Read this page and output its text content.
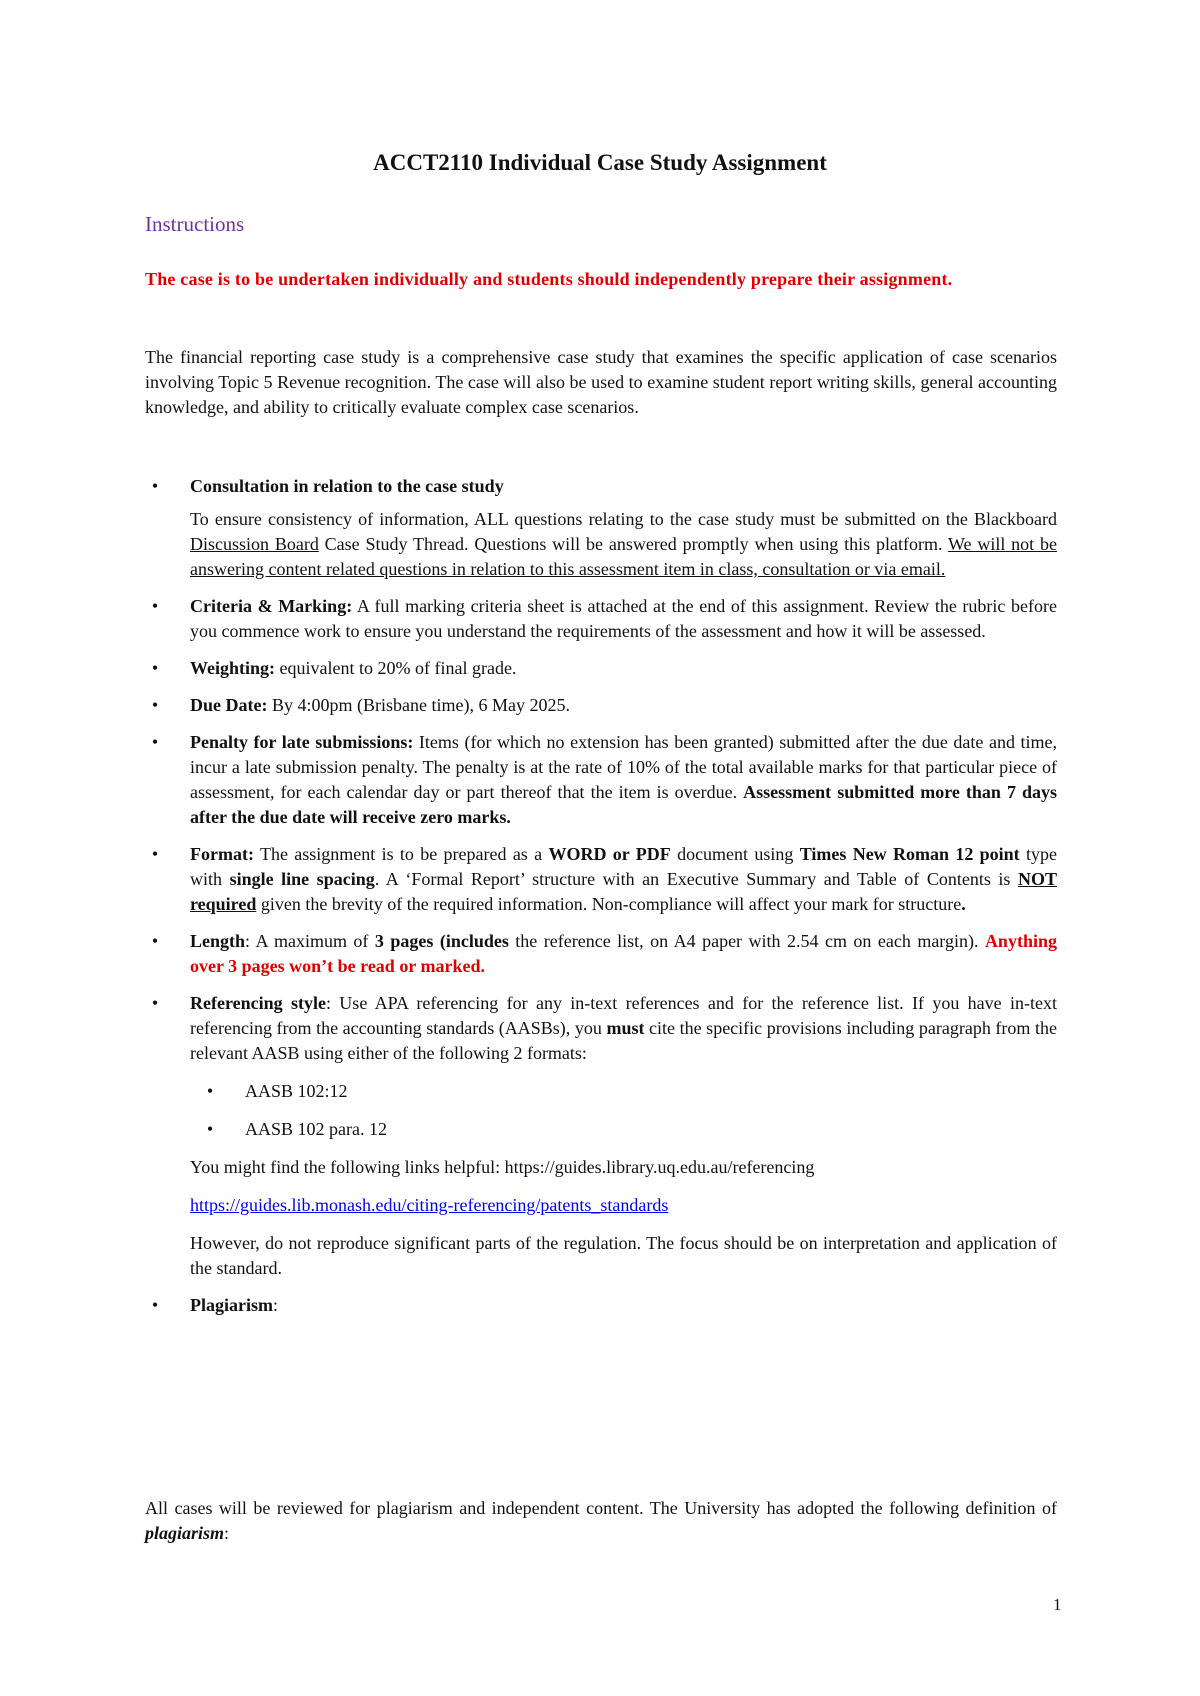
ACCT2110 Individual Case Study Assignment
Instructions
The case is to be undertaken individually and students should independently prepare their assignment.
The financial reporting case study is a comprehensive case study that examines the specific application of case scenarios involving Topic 5 Revenue recognition. The case will also be used to examine student report writing skills, general accounting knowledge, and ability to critically evaluate complex case scenarios.
•	Consultation in relation to the case study
To ensure consistency of information, ALL questions relating to the case study must be submitted on the Blackboard Discussion Board Case Study Thread. Questions will be answered promptly when using this platform. We will not be answering content related questions in relation to this assessment item in class, consultation or via email.
•	Criteria & Marking: A full marking criteria sheet is attached at the end of this assignment. Review the rubric before you commence work to ensure you understand the requirements of the assessment and how it will be assessed.
•	Weighting: equivalent to 20% of final grade.
•	Due Date: By 4:00pm (Brisbane time), 6 May 2025.
•	Penalty for late submissions: Items (for which no extension has been granted) submitted after the due date and time, incur a late submission penalty. The penalty is at the rate of 10% of the total available marks for that particular piece of assessment, for each calendar day or part thereof that the item is overdue. Assessment submitted more than 7 days after the due date will receive zero marks.
•	Format: The assignment is to be prepared as a WORD or PDF document using Times New Roman 12 point type with single line spacing. A ‘Formal Report’ structure with an Executive Summary and Table of Contents is NOT required given the brevity of the required information. Non-compliance will affect your mark for structure.
•	Length: A maximum of 3 pages (includes the reference list, on A4 paper with 2.54 cm on each margin). Anything over 3 pages won’t be read or marked.
•	Referencing style: Use APA referencing for any in-text references and for the reference list. If you have in-text referencing from the accounting standards (AASBs), you must cite the specific provisions including paragraph from the relevant AASB using either of the following 2 formats:
•	AASB 102:12
•	AASB 102 para. 12
You might find the following links helpful: https://guides.library.uq.edu.au/referencing
https://guides.lib.monash.edu/citing-referencing/patents_standards
However, do not reproduce significant parts of the regulation. The focus should be on interpretation and application of the standard.
•	Plagiarism:
All cases will be reviewed for plagiarism and independent content. The University has adopted the following definition of plagiarism:
1
